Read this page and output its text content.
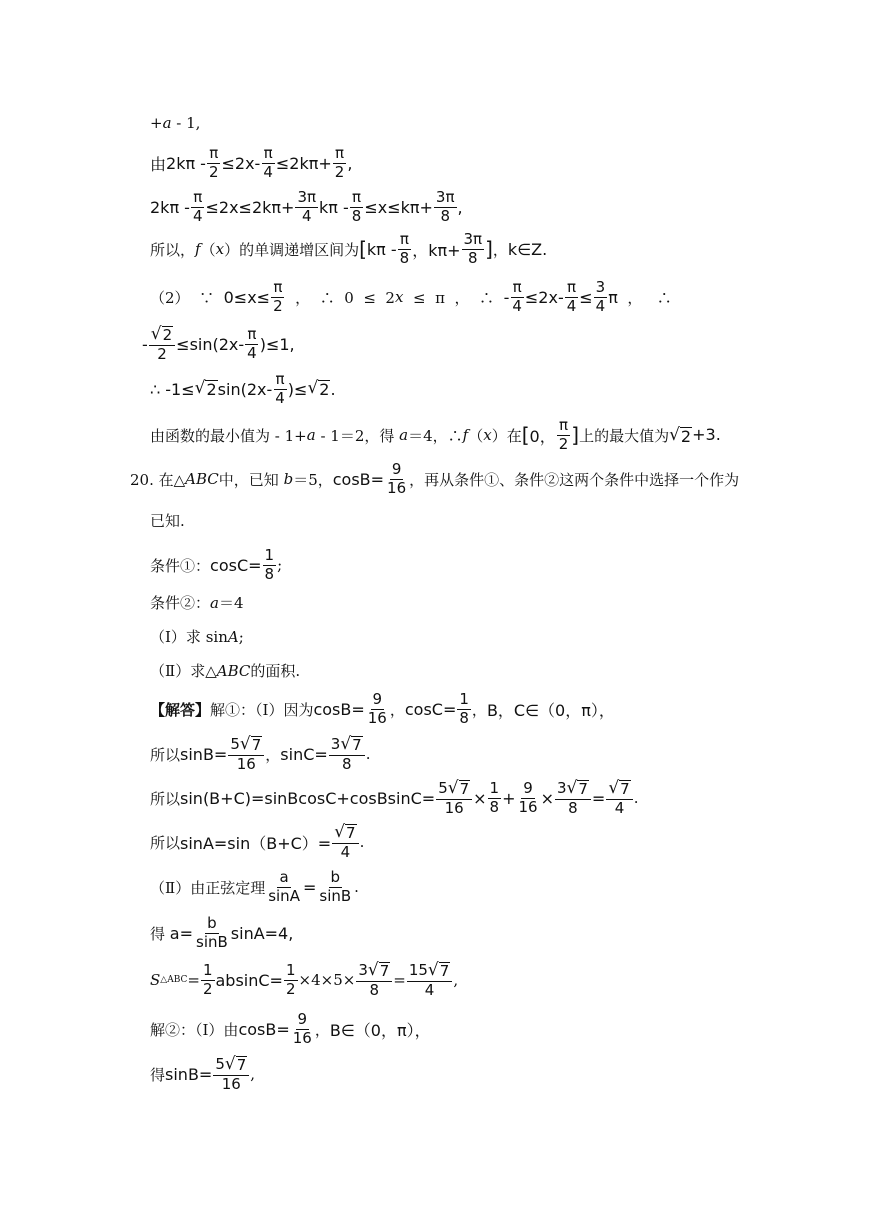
+ a - 1,
由 $2k\pi - \frac{\pi}{2} \le 2x- \frac{\pi}{4} \le 2k\pi+ \frac{\pi}{2}$ ,
$2k\pi - \frac{\pi}{4} \le 2x\le 2k\pi+ \frac{3\pi}{4}$ $k\pi - \frac{\pi}{8} \le x\le k\pi+ \frac{3\pi}{8}$ ,
所以， f （ x ）的单调递增区间为 [ kπ - $\frac{\pi}{8}$ ，$k\pi+ \frac{3\pi}{8}$ ] ， k∈Z.
（2）  ∵ $0\le x\le \frac{\pi}{2}$ ，  ∴  0  ≤  2 x ≤  π  ，  ∴ - $\frac{\pi}{4} \le 2x- \frac{\pi}{4} \le \frac{3}{4}$ π ，   ∴
- $\frac{√ 2}{2} \le\sin(2x- \frac{\pi}{4} )\le 1$,
∴ -1≤ √ 2 $\sin(2x- \frac{\pi}{4}$ )≤ √ 2 .
由函数的最小值为 - 1+ a - 1＝2，得 a ＝4，∴ f （ x ）在 [ 0， $\frac{\pi}{2}$ ] 上的最大值为 √ 2 +3.
20. 在△ ABC 中，已知 b ＝5， $\cos B= \frac{9}{16}$ ，再从条件①、条件②这两个条件中选择一个作为
已知.
条件①： $\cos C= \frac{1}{8}$ ;
条件②： a ＝4
（Ⅰ）求 sin A ;
（Ⅱ）求△ ABC 的面积.
【解答】 解①：（Ⅰ）因为 $\cos B= \frac{9}{16}$ ， $\cos C= \frac{1}{8}$ ， B，C∈（0，π），
所以 $\sin B= \frac{5 √ 7}{16}$ ， $\sin C= \frac{3 √ 7}{8}$ .
所以 sin(B+C)=sinBcosC+cosBsinC= $\frac{5 √ 7}{16} \times \frac{1}{8} + \frac{9}{16} \times \frac{3 √ 7}{8} = \frac{√ 7}{4}$ .
所以 $\sin A=\sin(B+C)= \frac{√ 7}{4}$ .
（Ⅱ）由正弦定理 $\frac{a}{\sin A} = \frac{b}{\sin B}$ .
得 $a= \frac{b}{\sin B} \sin A=4$,
S △ABC = $\frac{1}{2} absinC= \frac{1}{2} \times 4\times 5\times \frac{3 √ 7}{8} = \frac{15 √ 7}{4}$ ,
解②：（Ⅰ）由 $\cos B= \frac{9}{16}$ ， B∈（0，π），
得 $\sin B= \frac{5 √ 7}{16}$ ,
